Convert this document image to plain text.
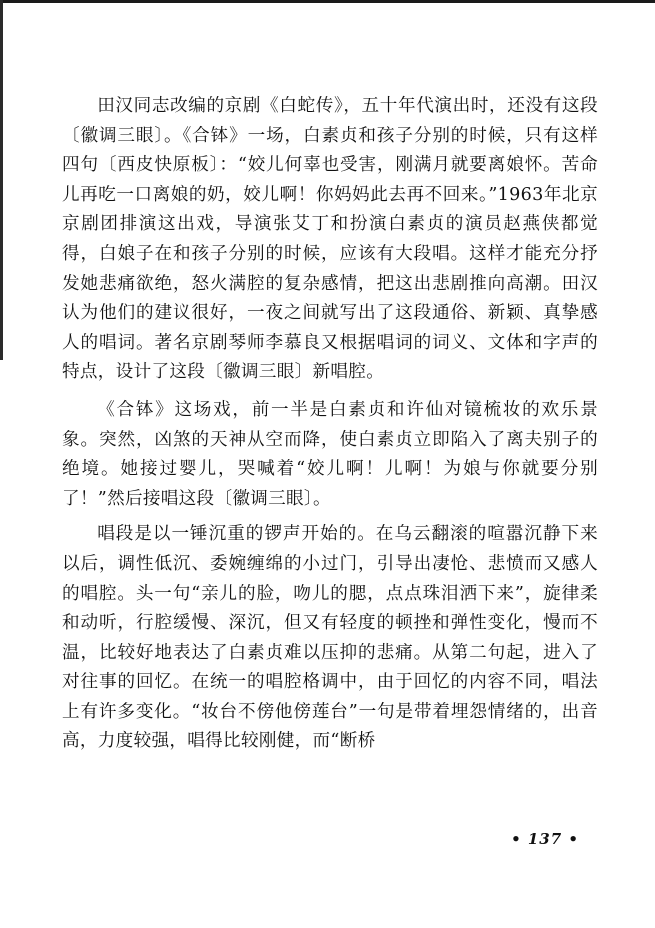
田汉同志改编的京剧《白蛇传》，五十年代演出时，还没有这段〔徽调三眼〕。《合钵》一场，白素贞和孩子分别的时候，只有这样四句〔西皮快原板〕：“姣儿何辜也受害，刚满月就要离娘怀。苦命儿再吃一口离娘的奶，姣儿啊！你妈妈此去再不回来。”1963年北京京剧团排演这出戏，导演张艾丁和扮演白素贞的演员赵燕侠都觉得，白娘子在和孩子分别的时候，应该有大段唱。这样才能充分抒发她悲痛欲绝，怒火满腔的复杂感情，把这出悲剧推向高潮。田汉认为他们的建议很好，一夜之间就写出了这段通俗、新颖、真挚感人的唱词。著名京剧琴师李慕良又根据唱词的词义、文体和字声的特点，设计了这段〔徽调三眼〕新唱腔。

《合钵》这场戏，前一半是白素贞和许仙对镜梳妆的欢乐景象。突然，凶煞的天神从空而降，使白素贞立即陷入了离夫别子的绝境。她接过婴儿，哭喊着“姣儿啊！儿啊！为娘与你就要分别了！”然后接唱这段〔徽调三眼〕。

唱段是以一锤沉重的锣声开始的。在乌云翻滚的喧嚣沉静下来以后，调性低沉、委婉缠绵的小过门，引导出凄怆、悲愤而又感人的唱腔。头一句“亲儿的脸，吻儿的腮，点点珠泪洒下来”，旋律柔和动听，行腔缓慢、深沉，但又有轻度的顿挫和弹性变化，慢而不温，比较好地表达了白素贞难以压抑的悲痛。从第二句起，进入了对往事的回忆。在统一的唱腔格调中，由于回忆的内容不同，唱法上有许多变化。“妆台不傍他傍莲台”一句是带着埋怨情绪的，出音高，力度较强，唱得比较刚健，而“断桥

• 137 •
